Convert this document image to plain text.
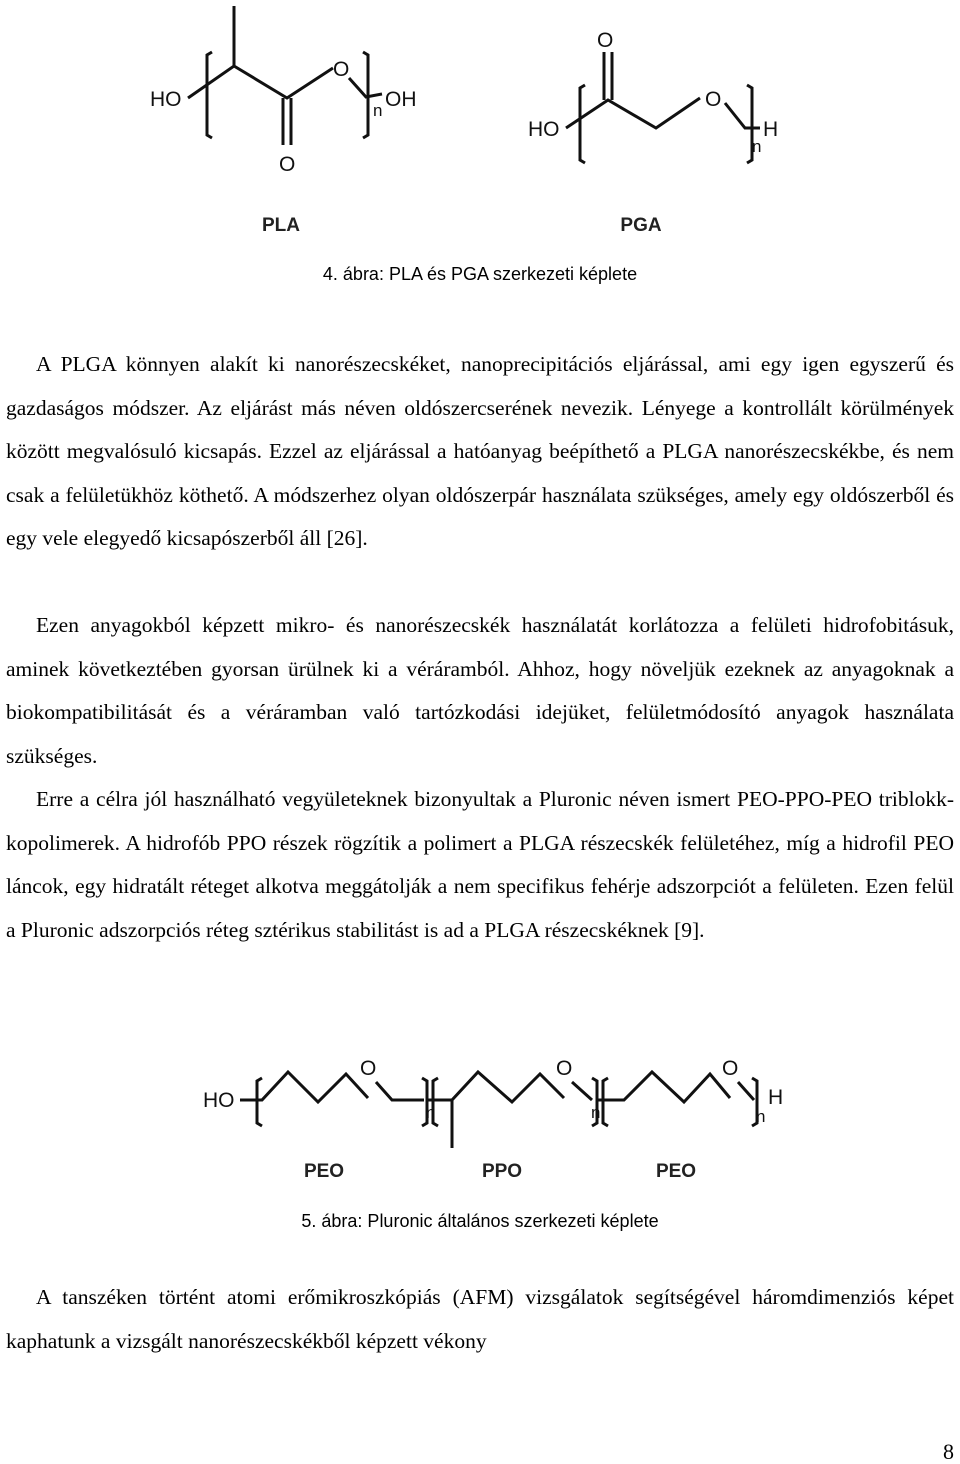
HO
O
O
n OH
HO
O
O
n
H
PLA	PGA
4. ábra: PLA és PGA szerkezeti képlete

A PLGA könnyen alakít ki nanorészecskéket, nanoprecipitációs eljárással, ami egy igen egyszerű és gazdaságos módszer. Az eljárást más néven oldószercserének nevezik. Lényege a kontrollált körülmények között megvalósuló kicsapás. Ezzel az eljárással a hatóanyag beépíthető a PLGA nanorészecskékbe, és nem csak a felületükhöz köthető. A módszerhez olyan oldószerpár használata szükséges, amely egy oldószerből és egy vele elegyedő kicsapószerből áll [26].

Ezen anyagokból képzett mikro- és nanorészecskék használatát korlátozza a felületi hidrofobitásuk, aminek következtében gyorsan ürülnek ki a véráramból. Ahhoz, hogy növeljük ezeknek az anyagoknak a biokompatibilitását és a véráramban való tartózkodási idejüket, felületmódosító anyagok használata szükséges.

Erre a célra jól használható vegyületeknek bizonyultak a Pluronic néven ismert PEO-PPO-PEO triblokk-kopolimerek. A hidrofób PPO részek rögzítik a polimert a PLGA részecskék felületéhez, míg a hidrofil PEO láncok, egy hidratált réteget alkotva meggátolják a nem specifikus fehérje adszorpciót a felületen. Ezen felül a Pluronic adszorpciós réteg sztérikus stabilitást is ad a PLGA részecskéknek [9].

HO
O	O	O
n	n	n
H
PEO	PPO	PEO
5. ábra: Pluronic általános szerkezeti képlete

A tanszéken történt atomi erőmikroszkópiás (AFM) vizsgálatok segítségével háromdimenziós képet kaphatunk a vizsgált nanorészecskékből képzett vékony

8
